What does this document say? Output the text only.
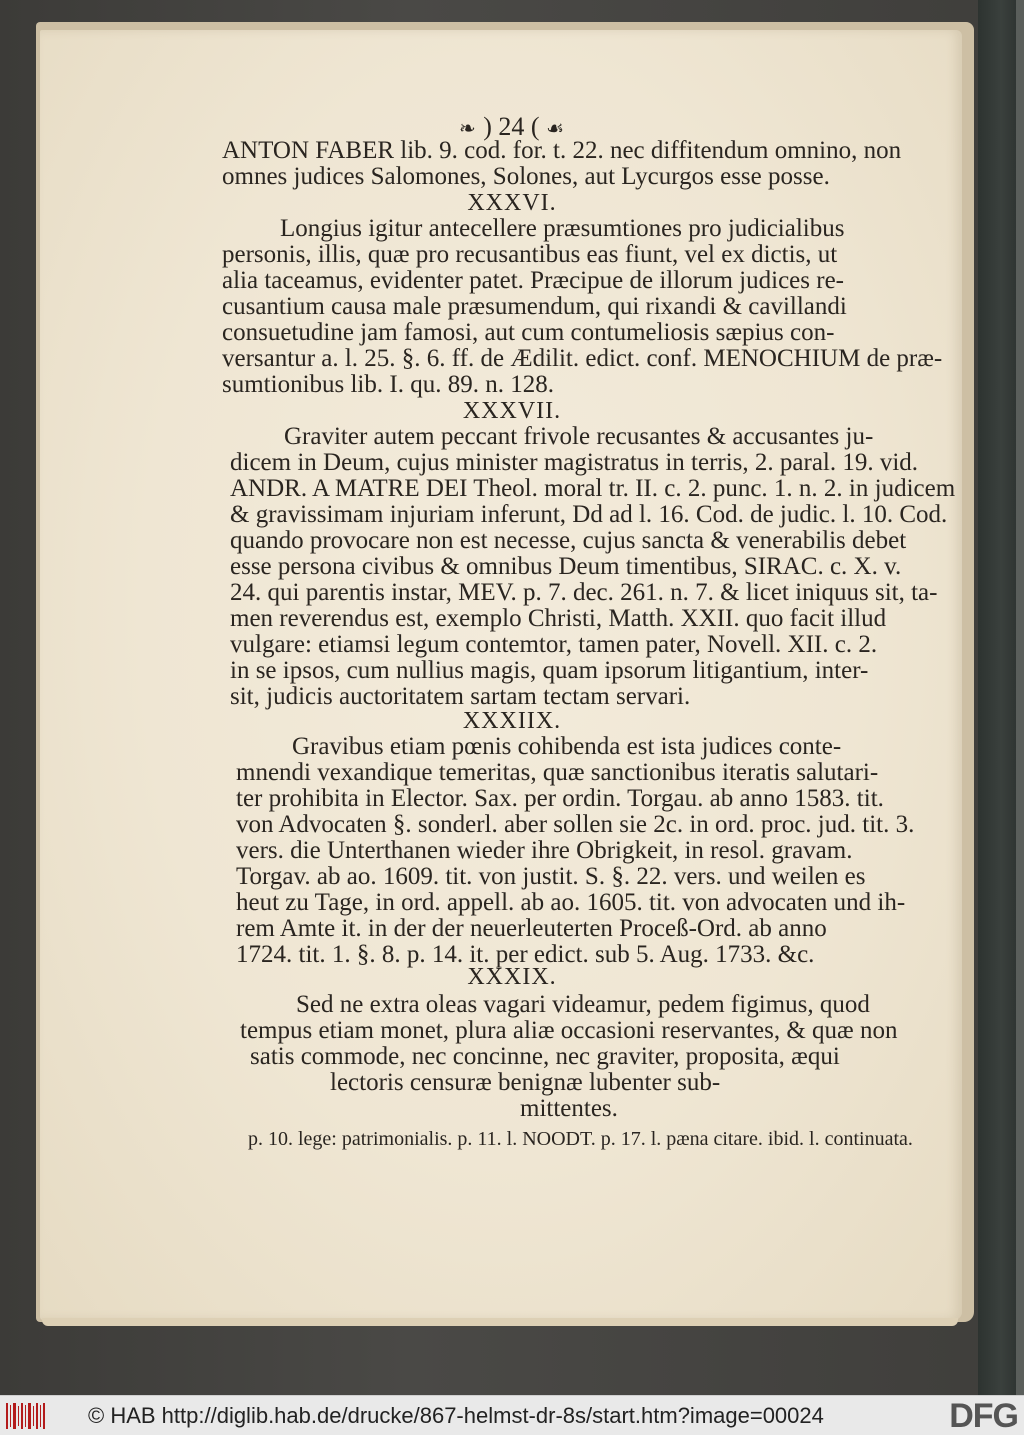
❧ ) 24 ( ☙
ANTON FABER lib. 9. cod. for. t. 22. nec diffitendum omnino, non
omnes judices Salomones, Solones, aut Lycurgos esse posse.
XXXVI.
Longius igitur antecellere præsumtiones pro judicialibus
personis, illis, quæ pro recusantibus eas fiunt, vel ex dictis, ut
alia taceamus, evidenter patet. Præcipue de illorum judices re-
cusantium causa male præsumendum, qui rixandi & cavillandi
consuetudine jam famosi, aut cum contumeliosis sæpius con-
versantur a. l. 25. §. 6. ff. de Ædilit. edict. conf. MENOCHIUM de præ-
sumtionibus lib. I. qu. 89. n. 128.
XXXVII.
Graviter autem peccant frivole recusantes & accusantes ju-
dicem in Deum, cujus minister magistratus in terris, 2. paral. 19. vid.
ANDR. A MATRE DEI Theol. moral tr. II. c. 2. punc. 1. n. 2. in judicem
& gravissimam injuriam inferunt, Dd ad l. 16. Cod. de judic. l. 10. Cod.
quando provocare non est necesse, cujus sancta & venerabilis debet
esse persona civibus & omnibus Deum timentibus, SIRAC. c. X. v.
24. qui parentis instar, MEV. p. 7. dec. 261. n. 7. & licet iniquus sit, ta-
men reverendus est, exemplo Christi, Matth. XXII. quo facit illud
vulgare: etiamsi legum contemtor, tamen pater, Novell. XII. c. 2.
in se ipsos, cum nullius magis, quam ipsorum litigantium, inter-
sit, judicis auctoritatem sartam tectam servari.
XXXIIX.
Gravibus etiam pœnis cohibenda est ista judices conte-
mnendi vexandique temeritas, quæ sanctionibus iteratis salutari-
ter prohibita in Elector. Sax. per ordin. Torgau. ab anno 1583. tit.
von Advocaten §. sonderl. aber sollen sie 2c. in ord. proc. jud. tit. 3.
vers. die Unterthanen wieder ihre Obrigkeit, in resol. gravam.
Torgav. ab ao. 1609. tit. von justit. S. §. 22. vers. und weilen es
heut zu Tage, in ord. appell. ab ao. 1605. tit. von advocaten und ih-
rem Amte it. in der der neuerleuterten Proceß-Ord. ab anno
1724. tit. 1. §. 8. p. 14. it. per edict. sub 5. Aug. 1733. &c.
XXXIX.
Sed ne extra oleas vagari videamur, pedem figimus, quod
tempus etiam monet, plura aliæ occasioni reservantes, & quæ non
satis commode, nec concinne, nec graviter, proposita, æqui
lectoris censuræ benignæ lubenter sub-
mittentes.
p. 10. lege: patrimonialis. p. 11. l. NOODT. p. 17. l. pæna citare. ibid. l. continuata.
© HAB http://diglib.hab.de/drucke/867-helmst-dr-8s/start.htm?image=00024	DFG
